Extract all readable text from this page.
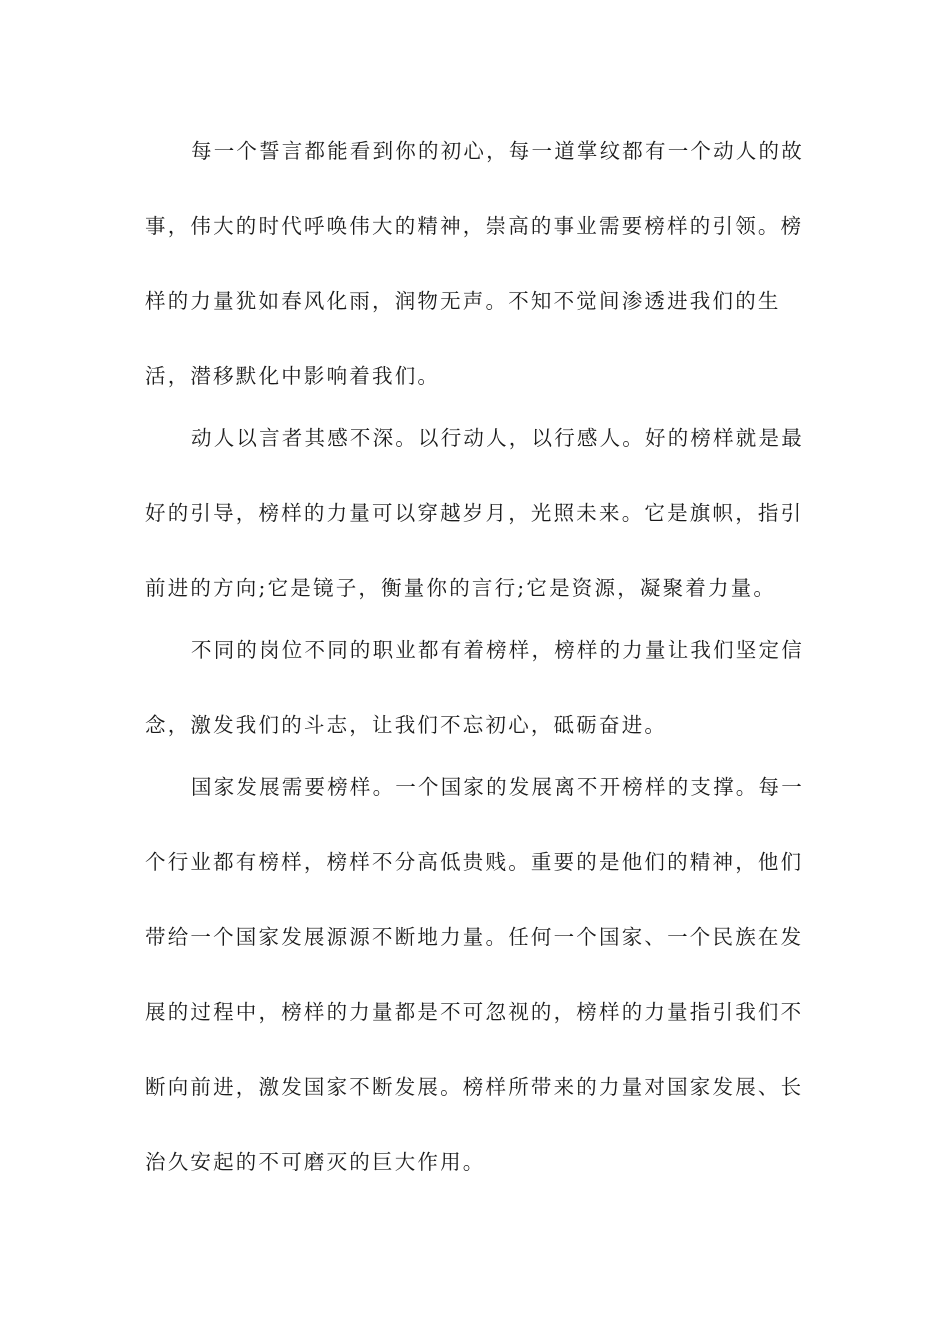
每一个誓言都能看到你的初心，每一道掌纹都有一个动人的故
事，伟大的时代呼唤伟大的精神，崇高的事业需要榜样的引领。榜
样的力量犹如春风化雨，润物无声。不知不觉间渗透进我们的生
活，潜移默化中影响着我们。
动人以言者其感不深。以行动人，以行感人。好的榜样就是最
好的引导，榜样的力量可以穿越岁月，光照未来。它是旗帜，指引
前进的方向;它是镜子，衡量你的言行;它是资源，凝聚着力量。
不同的岗位不同的职业都有着榜样，榜样的力量让我们坚定信
念，激发我们的斗志，让我们不忘初心，砥砺奋进。
国家发展需要榜样。一个国家的发展离不开榜样的支撑。每一
个行业都有榜样，榜样不分高低贵贱。重要的是他们的精神，他们
带给一个国家发展源源不断地力量。任何一个国家、一个民族在发
展的过程中，榜样的力量都是不可忽视的，榜样的力量指引我们不
断向前进，激发国家不断发展。榜样所带来的力量对国家发展、长
治久安起的不可磨灭的巨大作用。
